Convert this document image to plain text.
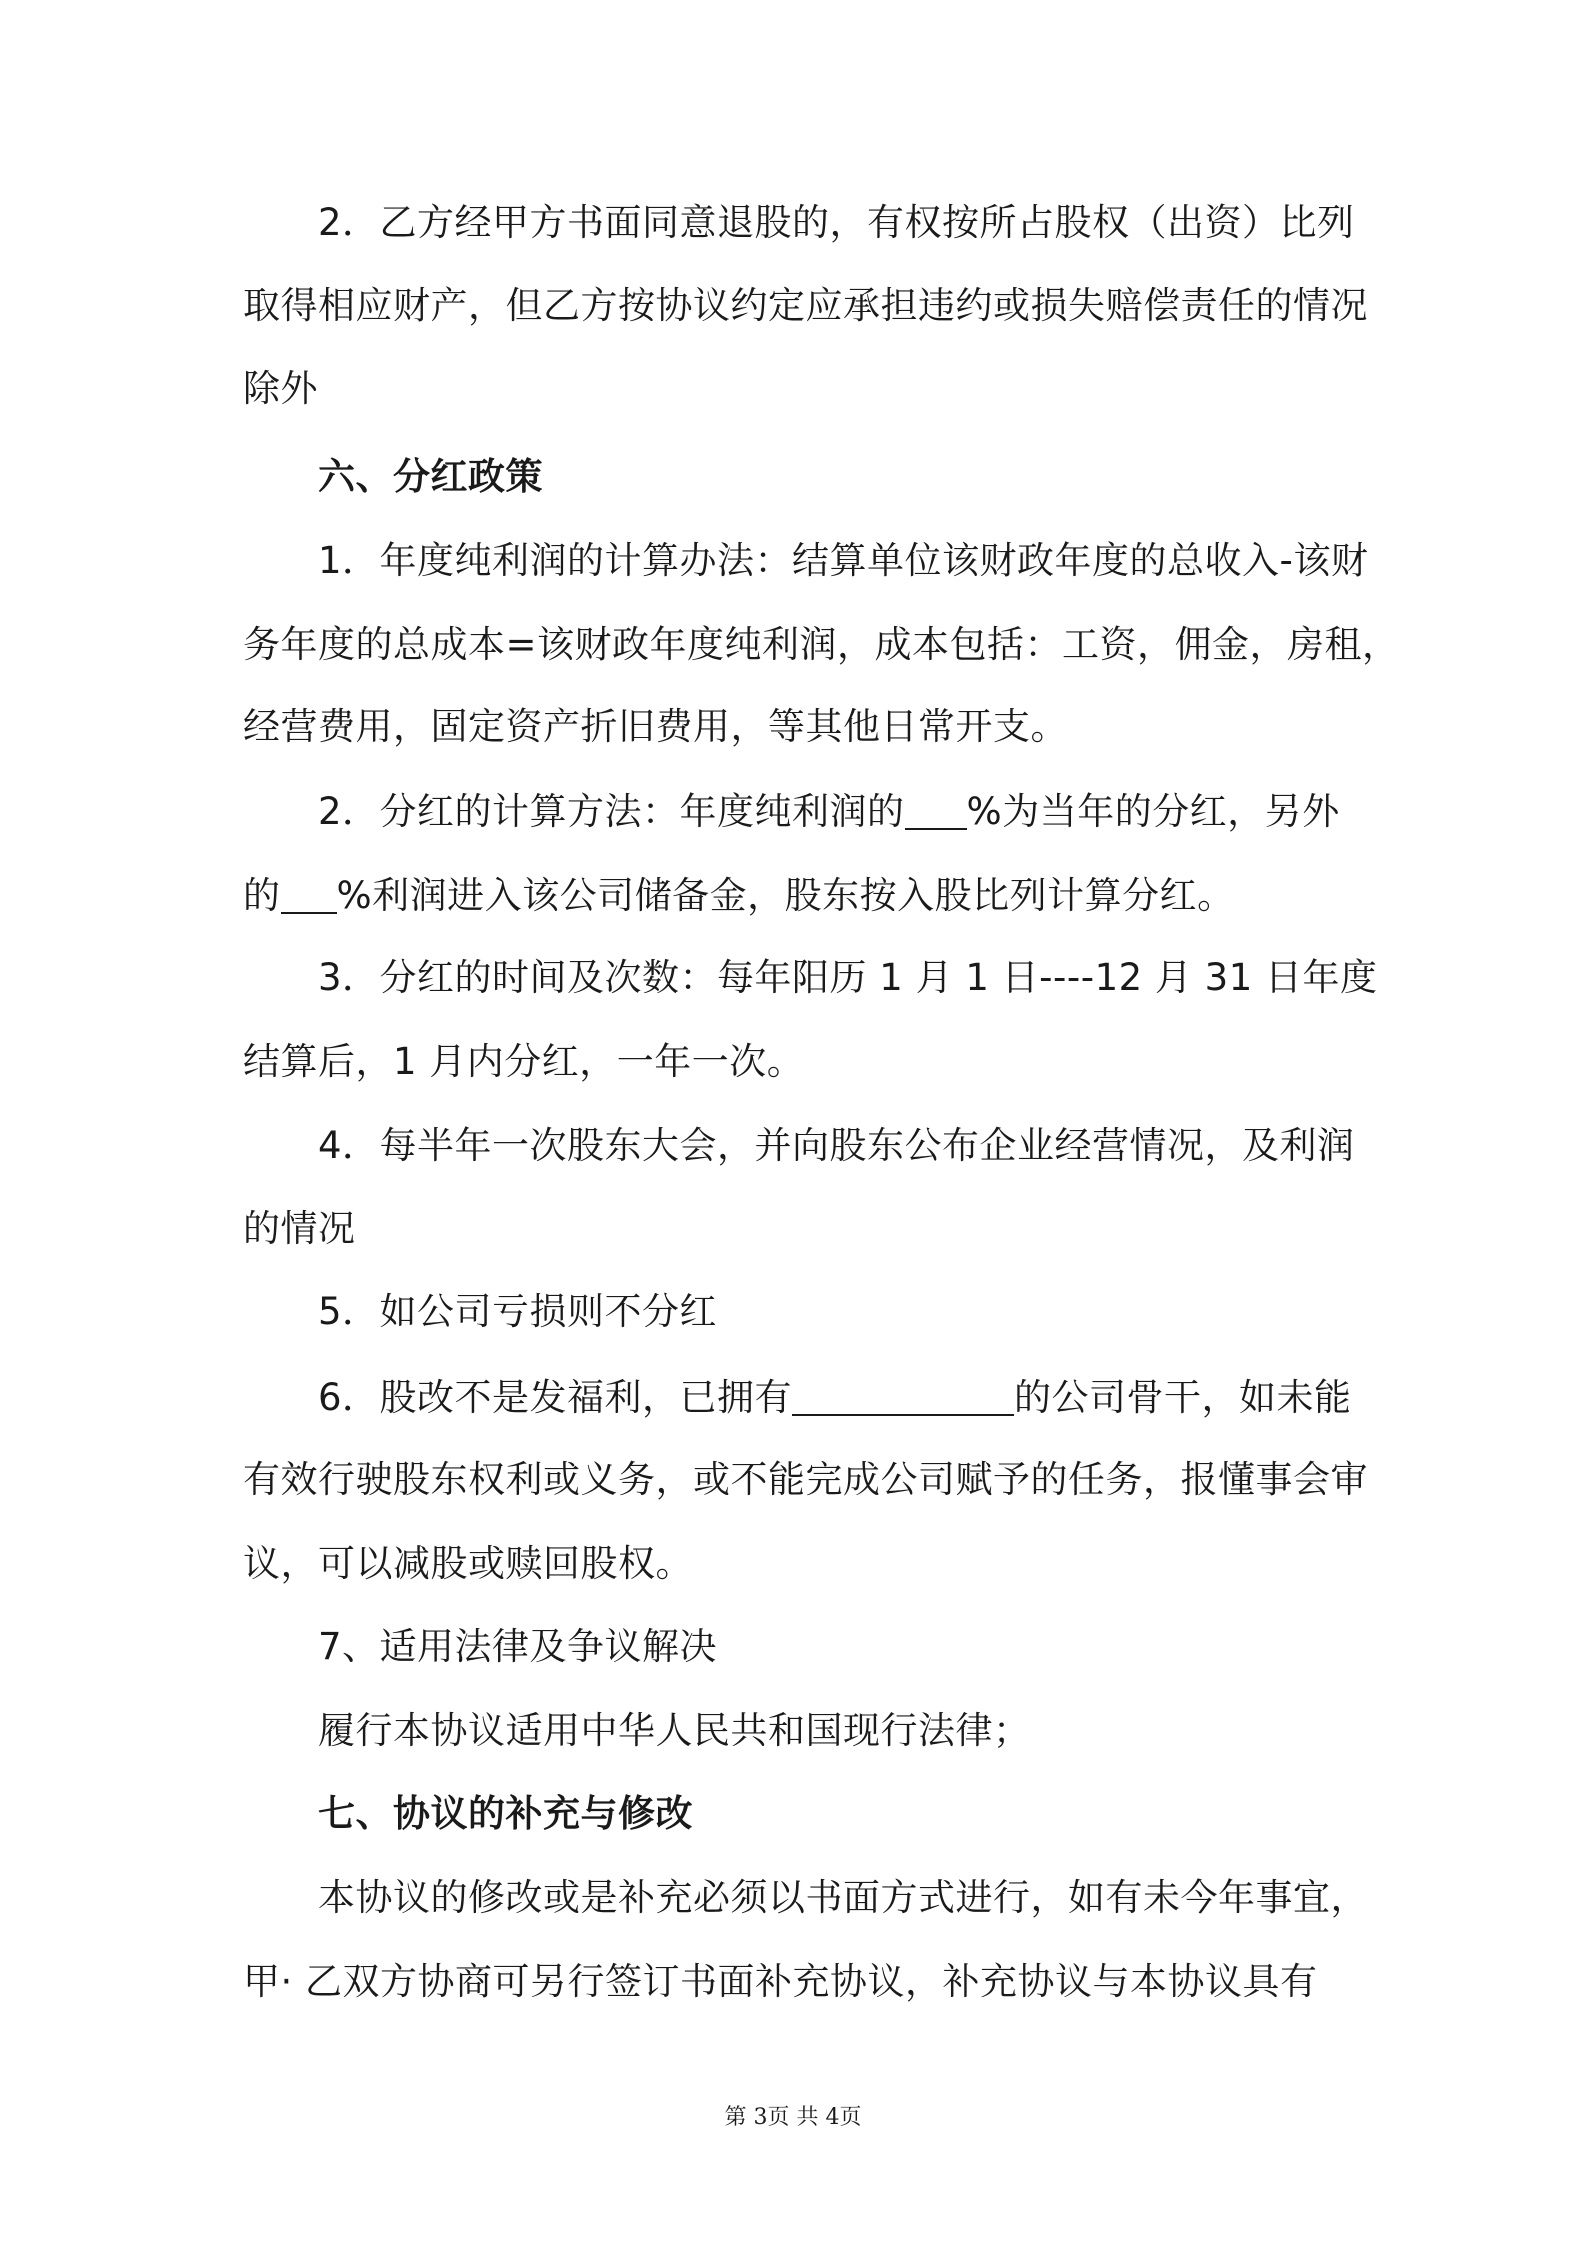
2．乙方经甲方书面同意退股的，有权按所占股权（出资）比列
取得相应财产，但乙方按协议约定应承担违约或损失赔偿责任的情况
除外
六、分红政策
1．年度纯利润的计算办法：结算单位该财政年度的总收入-该财
务年度的总成本=该财政年度纯利润，成本包括：工资，佣金，房租，
经营费用，固定资产折旧费用，等其他日常开支。
2．分红的计算方法：年度纯利润的 %为当年的分红，另外
的 %利润进入该公司储备金，股东按入股比列计算分红。
3．分红的时间及次数：每年阳历 1 月 1 日----12 月 31 日年度
结算后，1 月内分红，一年一次。
4．每半年一次股东大会，并向股东公布企业经营情况，及利润
的情况
5．如公司亏损则不分红
6．股改不是发福利，已拥有	的公司骨干，如未能
有效行驶股东权利或义务，或不能完成公司赋予的任务，报懂事会审
议，可以减股或赎回股权。
7、适用法律及争议解决
履行本协议适用中华人民共和国现行法律；
七、协议的补充与修改
本协议的修改或是补充必须以书面方式进行，如有未今年事宜，
甲· 乙双方协商可另行签订书面补充协议，补充协议与本协议具有
第 3页 共 4页
